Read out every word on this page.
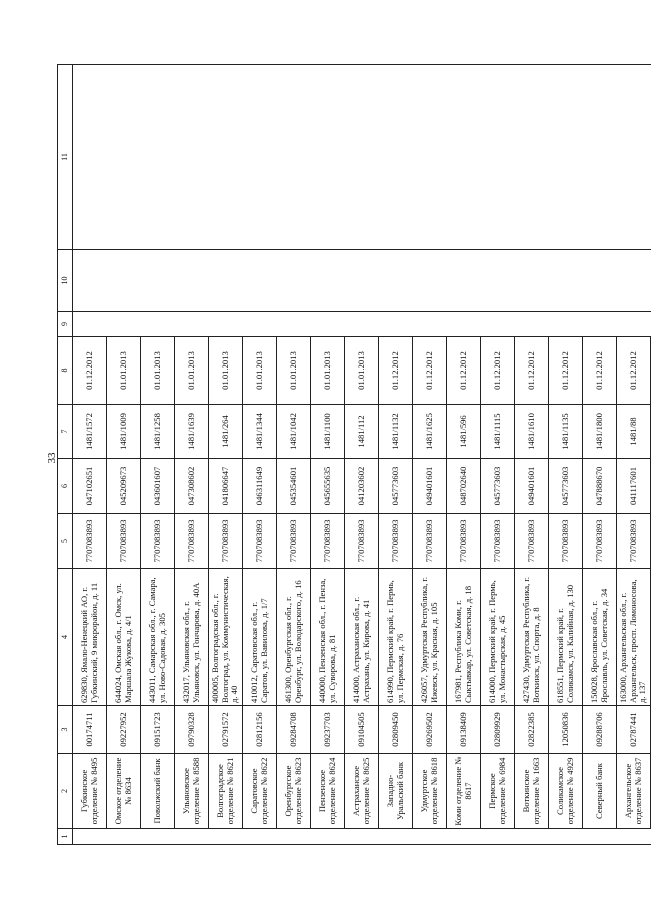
33
1	2	3	4	5	6	7	8	9	10	11
	Губкинское отделение № 8495	00174711	629830, Ямало-Ненецкий АО, г. Губкинский, 9 микрорайон, д. 11	7707083893	047102651	1481/1572	01.12.2012			
	Омское отделение № 8634	09227952	644024, Омская обл., г. Омск, ул. Маршала Жукова, д. 4/1	7707083893	045209673	1481/1009	01.01.2013			
	Поволжский банк	09151723	443011, Самарская обл., г. Самара, ул. Ново-Садовая, д. 305	7707083893	043601607	1481/1258	01.01.2013			
	Ульяновское отделение № 8588	09790328	432017, Ульяновская обл., г. Ульяновск, ул. Гончарова, д. 40А	7707083893	047308602	1481/1639	01.01.2013			
	Волгоградское отделение № 8621	02791572	400005, Волгоградская обл., г. Волгоград, ул. Коммунистическая, д. 40	7707083893	041806647	1481/264	01.01.2013			
	Саратовское отделение № 8622	02812156	410012, Саратовская обл., г. Саратов, ул. Вавилова, д. 1/7	7707083893	046311649	1481/1344	01.01.2013			
	Оренбургское отделение № 8623	09284708	461300, Оренбургская обл., г. Оренбург, ул. Володарского, д. 16	7707083893	045354601	1481/1042	01.01.2013			
	Пензенское отделение № 8624	09237703	440000, Пензенская обл., г. Пенза, ул. Суворова, д. 81	7707083893	045655635	1481/1100	01.01.2013			
	Астраханское отделение № 8625	09104505	414000, Астраханская обл., г. Астрахань, ул. Кирова, д. 41	7707083893	041203602	1481/112	01.01.2013			
	Западно-Уральский банк	02809450	614990, Пермский край, г. Пермь, ул. Пермская, д. 76	7707083893	045773603	1481/1132	01.12.2012			
	Удмуртское отделение № 8618	09269502	426057, Удмуртская Республика, г. Ижевск, ул. Красная, д. 105	7707083893	049401601	1481/1625	01.12.2012			
	Коми отделение № 8617	09138409	167981, Республика Коми, г. Сыктывкар, ул. Советская, д. 18	7707083893	048702640	1481/596	01.12.2012			
	Пермское отделение № 6984	02809929	614000, Пермский край, г. Пермь, ул. Монастырская, д. 45	7707083893	045773603	1481/1115	01.12.2012			
	Воткинское отделение № 1663	02822385	427430, Удмуртская Республика, г. Воткинск, ул. Спорта, д. 8	7707083893	049401601	1481/1610	01.12.2012			
	Соликамское отделение № 4929	12050836	618551, Пермский край, г. Соликамск, ул. Калийная, д. 130	7707083893	045773603	1481/1135	01.12.2012			
	Северный банк	09288706	150028, Ярославская обл., г. Ярославль, ул. Советская, д. 34	7707083893	047888670	1481/1800	01.12.2012			
	Архангельское отделение № 8637	02787441	163000, Архангельская обл., г. Архангельск, просп. Ломоносова, д. 137	7707083893	041117601	1481/88	01.12.2012			
